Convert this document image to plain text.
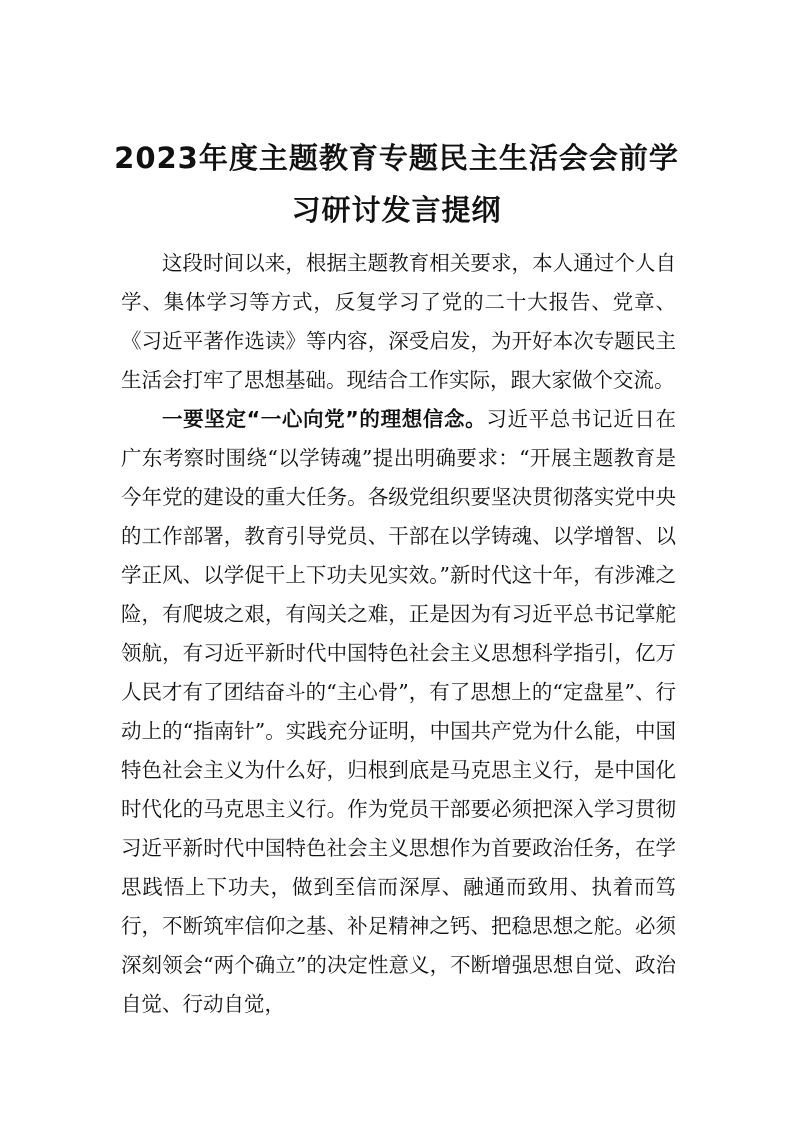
2023年度主题教育专题民主生活会会前学
习研讨发言提纲

这段时间以来，根据主题教育相关要求，本人通过个人自学、集体学习等方式，反复学习了党的二十大报告、党章、《习近平著作选读》等内容，深受启发，为开好本次专题民主生活会打牢了思想基础。现结合工作实际，跟大家做个交流。

一要坚定“一心向党”的理想信念。习近平总书记近日在广东考察时围绕“以学铸魂”提出明确要求：“开展主题教育是今年党的建设的重大任务。各级党组织要坚决贯彻落实党中央的工作部署，教育引导党员、干部在以学铸魂、以学增智、以学正风、以学促干上下功夫见实效。”新时代这十年，有涉滩之险，有爬坡之艰，有闯关之难，正是因为有习近平总书记掌舵领航，有习近平新时代中国特色社会主义思想科学指引，亿万人民才有了团结奋斗的“主心骨”，有了思想上的“定盘星”、行动上的“指南针”。实践充分证明，中国共产党为什么能，中国特色社会主义为什么好，归根到底是马克思主义行，是中国化时代化的马克思主义行。作为党员干部要必须把深入学习贯彻习近平新时代中国特色社会主义思想作为首要政治任务，在学思践悟上下功夫，做到至信而深厚、融通而致用、执着而笃行，不断筑牢信仰之基、补足精神之钙、把稳思想之舵。必须深刻领会“两个确立”的决定性意义，不断增强思想自觉、政治自觉、行动自觉，
